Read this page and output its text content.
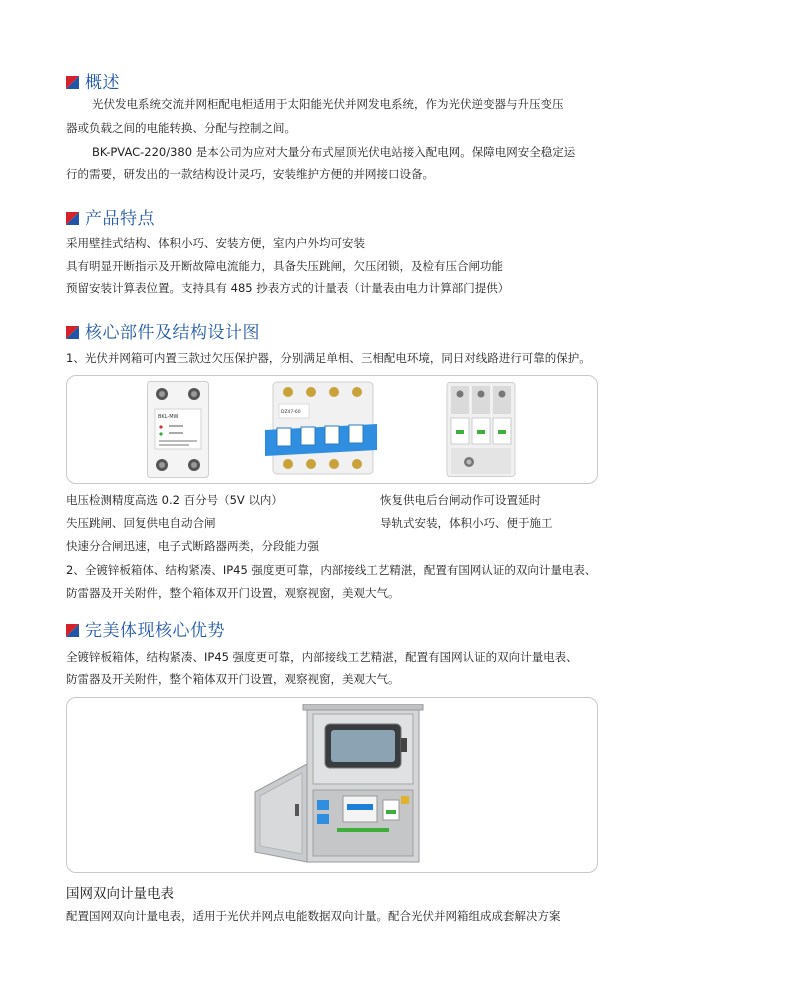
概述
光伏发电系统交流并网柜配电柜适用于太阳能光伏并网发电系统，作为光伏逆变器与升压变压
器或负载之间的电能转换、分配与控制之间。
BK-PVAC-220/380 是本公司为应对大量分布式屋顶光伏电站接入配电网。保障电网安全稳定运
行的需要，研发出的一款结构设计灵巧，安装维护方便的并网接口设备。
产品特点
采用壁挂式结构、体积小巧、安装方便，室内户外均可安装
具有明显开断指示及开断故障电流能力，具备失压跳闸，欠压闭锁，及检有压合闸功能
预留安装计算表位置。支持具有 485 抄表方式的计量表（计量表由电力计算部门提供）
核心部件及结构设计图
1、光伏并网箱可内置三款过欠压保护器，分别满足单相、三相配电环境，同日对线路进行可靠的保护。
BKL-MW
DZ47-60
电压检测精度高选 0.2 百分号（5V 以内）	恢复供电后台闸动作可设置延时
失压跳闸、回复供电自动合闸	导轨式安装，体积小巧、便于施工
快速分合闸迅速，电子式断路器两类，分段能力强
2、全镀锌板箱体、结构紧凑、IP45 强度更可靠，内部接线工艺精湛，配置有国网认证的双向计量电表、
防雷器及开关附件，整个箱体双开门设置，观察视窗，美观大气。
完美体现核心优势
全镀锌板箱体，结构紧凑、IP45 强度更可靠，内部接线工艺精湛，配置有国网认证的双向计量电表、
防雷器及开关附件，整个箱体双开门设置，观察视窗，美观大气。
国网双向计量电表
配置国网双向计量电表，适用于光伏并网点电能数据双向计量。配合光伏并网箱组成成套解决方案
